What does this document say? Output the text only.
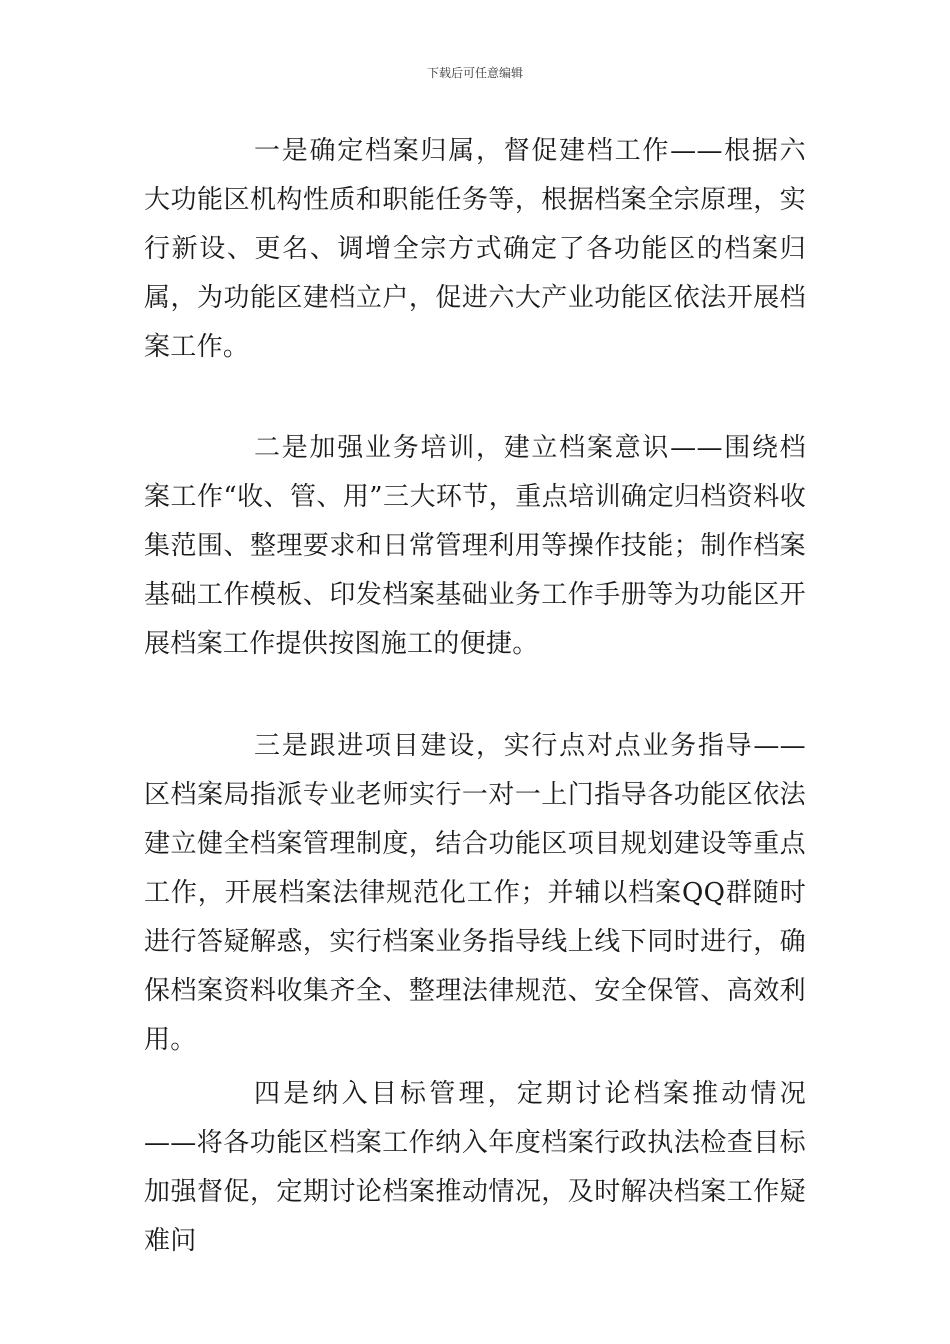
下载后可任意编辑

一是确定档案归属，督促建档工作——根据六大功能区机构性质和职能任务等，根据档案全宗原理，实行新设、更名、调增全宗方式确定了各功能区的档案归属，为功能区建档立户，促进六大产业功能区依法开展档案工作。

二是加强业务培训，建立档案意识——围绕档案工作“收、管、用”三大环节，重点培训确定归档资料收集范围、整理要求和日常管理利用等操作技能；制作档案基础工作模板、印发档案基础业务工作手册等为功能区开展档案工作提供按图施工的便捷。

三是跟进项目建设，实行点对点业务指导——区档案局指派专业老师实行一对一上门指导各功能区依法建立健全档案管理制度，结合功能区项目规划建设等重点工作，开展档案法律规范化工作；并辅以档案QQ群随时进行答疑解惑，实行档案业务指导线上线下同时进行，确保档案资料收集齐全、整理法律规范、安全保管、高效利用。

四是纳入目标管理，定期讨论档案推动情况——将各功能区档案工作纳入年度档案行政执法检查目标加强督促，定期讨论档案推动情况，及时解决档案工作疑难问
